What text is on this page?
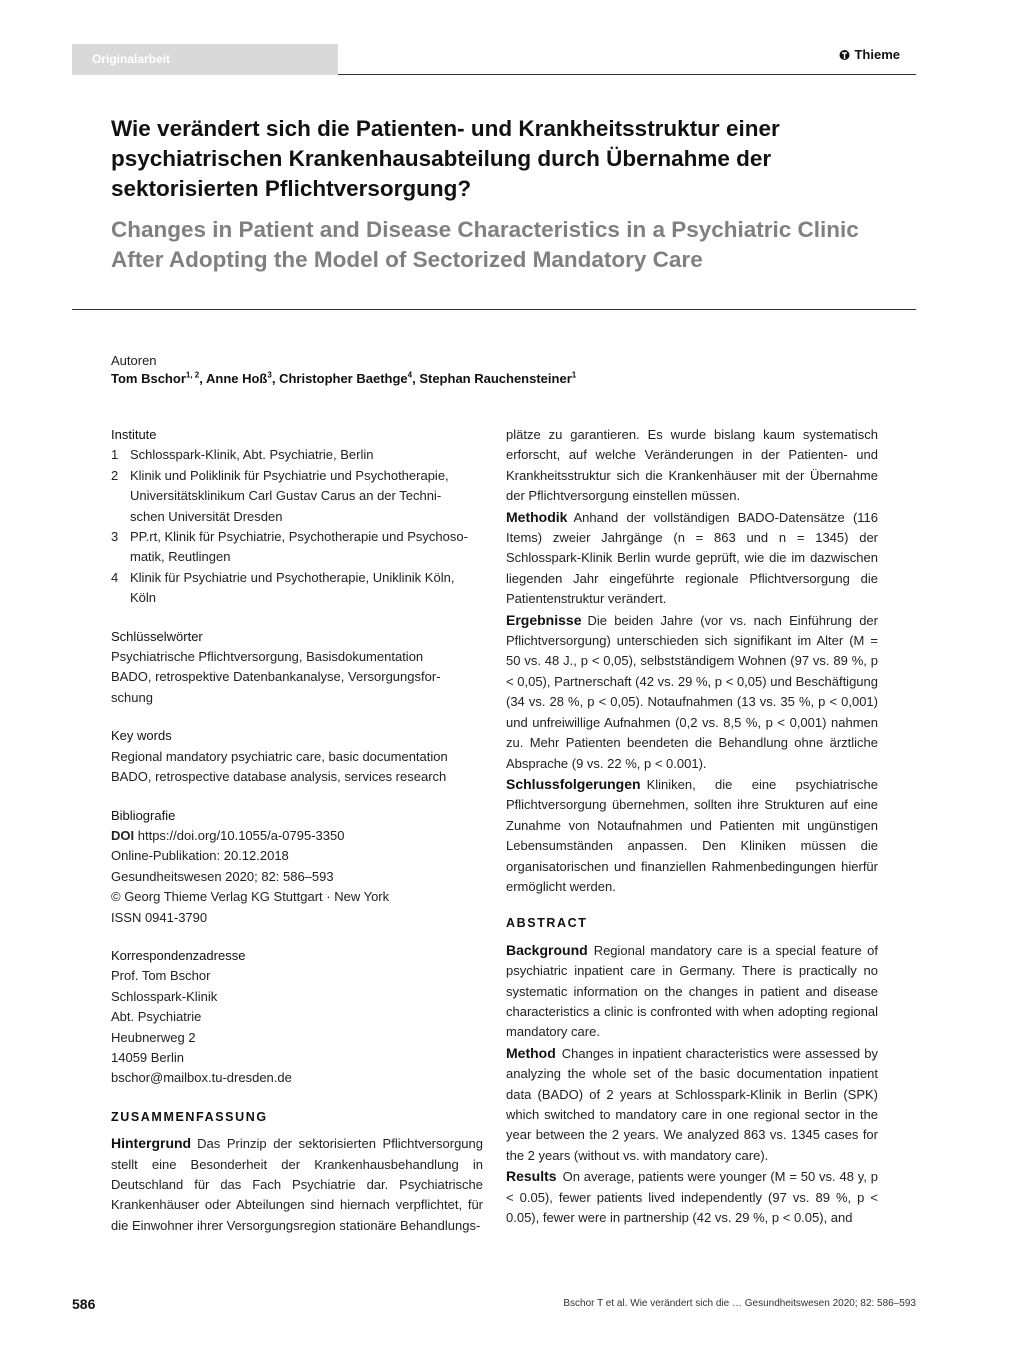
Originalarbeit	Thieme
Wie verändert sich die Patienten- und Krankheitsstruktur einer psychiatrischen Krankenhausabteilung durch Übernahme der sektorisierten Pflichtversorgung?
Changes in Patient and Disease Characteristics in a Psychiatric Clinic After Adopting the Model of Sectorized Mandatory Care
Autoren
Tom Bschor$^{1, 2}$, Anne Hoß$^3$, Christopher Baethge$^4$, Stephan Rauchensteiner$^1$
Institute
1 Schlosspark-Klinik, Abt. Psychiatrie, Berlin
2 Klinik und Poliklinik für Psychiatrie und Psychotherapie,
Universitätsklinikum Carl Gustav Carus an der Techni-
schen Universität Dresden
3 PP.rt, Klinik für Psychiatrie, Psychotherapie und Psychoso-
matik, Reutlingen
4 Klinik für Psychiatrie und Psychotherapie, Uniklinik Köln,
Köln
Schlüsselwörter
Psychiatrische Pflichtversorgung, Basisdokumentation
BADO, retrospektive Datenbankanalyse, Versorgungsfor-
schung
Key words
Regional mandatory psychiatric care, basic documentation
BADO, retrospective database analysis, services research
Bibliografie
DOI https://doi.org/10.1055/a-0795-3350
Online-Publikation: 20.12.2018
Gesundheitswesen 2020; 82: 586–593
© Georg Thieme Verlag KG Stuttgart · New York
ISSN 0941-3790
Korrespondenzadresse
Prof. Tom Bschor
Schlosspark-Klinik
Abt. Psychiatrie
Heubnerweg 2
14059 Berlin
bschor@mailbox.tu-dresden.de
ZUSAMMENFASSUNG

Hintergrund Das Prinzip der sektorisierten Pflichtversorgung stellt eine Besonderheit der Krankenhausbehandlung in Deutschland für das Fach Psychiatrie dar. Psychiatrische Krankenhäuser oder Abteilungen sind hiernach verpflichtet, für die Einwohner ihrer Versorgungsregion stationäre Behandlungs-

plätze zu garantieren. Es wurde bislang kaum systematisch erforscht, auf welche Veränderungen in der Patienten- und Krankheitsstruktur sich die Krankenhäuser mit der Übernahme der Pflichtversorgung einstellen müssen.

Methodik Anhand der vollständigen BADO-Datensätze (116 Items) zweier Jahrgänge (n = 863 und n = 1345) der Schlosspark-Klinik Berlin wurde geprüft, wie die im dazwischen liegenden Jahr eingeführte regionale Pflichtversorgung die Patientenstruktur verändert.

Ergebnisse Die beiden Jahre (vor vs. nach Einführung der Pflichtversorgung) unterschieden sich signifikant im Alter (M = 50 vs. 48 J., p < 0,05), selbstständigem Wohnen (97 vs. 89 %, p < 0,05), Partnerschaft (42 vs. 29 %, p < 0,05) und Beschäftigung (34 vs. 28 %, p < 0,05). Notaufnahmen (13 vs. 35 %, p < 0,001) und unfreiwillige Aufnahmen (0,2 vs. 8,5 %, p < 0,001) nahmen zu. Mehr Patienten beendeten die Behandlung ohne ärztliche Absprache (9 vs. 22 %, p < 0.001).

Schlussfolgerungen Kliniken, die eine psychiatrische Pflichtversorgung übernehmen, sollten ihre Strukturen auf eine Zunahme von Notaufnahmen und Patienten mit ungünstigen Lebensumständen anpassen. Den Kliniken müssen die organisatorischen und finanziellen Rahmenbedingungen hierfür ermöglicht werden.

ABSTRACT

Background Regional mandatory care is a special feature of psychiatric inpatient care in Germany. There is practically no systematic information on the changes in patient and disease characteristics a clinic is confronted with when adopting regional mandatory care.

Method Changes in inpatient characteristics were assessed by analyzing the whole set of the basic documentation inpatient data (BADO) of 2 years at Schlosspark-Klinik in Berlin (SPK) which switched to mandatory care in one regional sector in the year between the 2 years. We analyzed 863 vs. 1345 cases for the 2 years (without vs. with mandatory care).

Results On average, patients were younger (M = 50 vs. 48 y, p < 0.05), fewer patients lived independently (97 vs. 89 %, p < 0.05), fewer were in partnership (42 vs. 29 %, p < 0.05), and

586	Bschor T et al. Wie verändert sich die … Gesundheitswesen 2020; 82: 586–593
